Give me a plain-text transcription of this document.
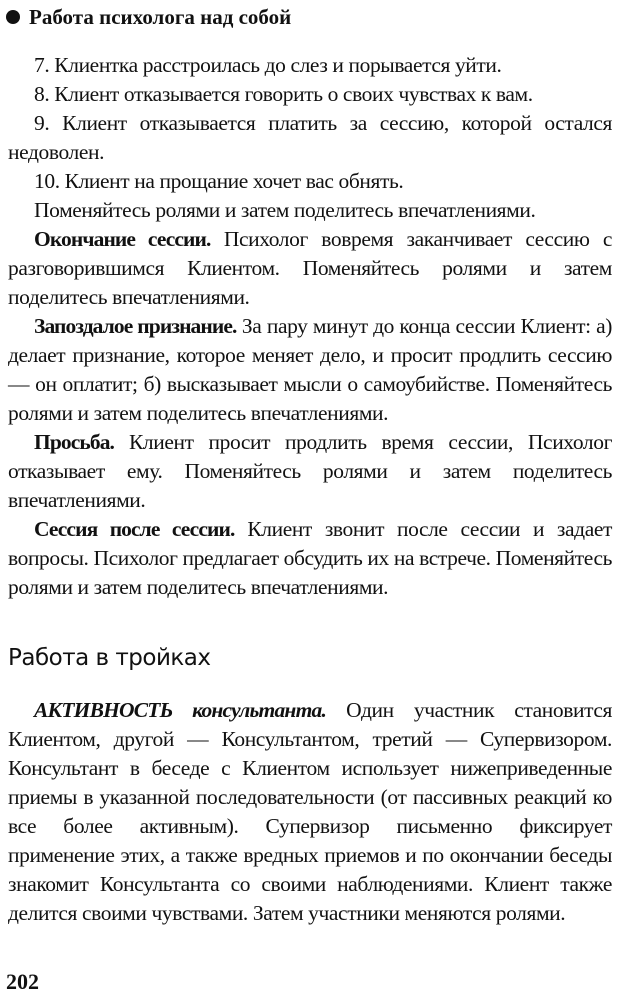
Работа психолога над собой

7. Клиентка расстроилась до слез и порывается уйти.

8. Клиент отказывается говорить о своих чувствах к вам.

9. Клиент отказывается платить за сессию, которой остался недоволен.

10. Клиент на прощание хочет вас обнять.

Поменяйтесь ролями и затем поделитесь впечатлениями.

Окончание сессии. Психолог вовремя заканчивает сессию с разговорившимся Клиентом. Поменяйтесь ролями и затем поделитесь впечатлениями.

Запоздалое признание. За пару минут до конца сессии Клиент: а) делает признание, которое меняет дело, и просит продлить сессию — он оплатит; б) высказывает мысли о самоубийстве. Поменяйтесь ролями и затем поделитесь впечатлениями.

Просьба. Клиент просит продлить время сессии, Психолог отказывает ему. Поменяйтесь ролями и затем поделитесь впечатлениями.

Сессия после сессии. Клиент звонит после сессии и задает вопросы. Психолог предлагает обсудить их на встрече. Поменяйтесь ролями и затем поделитесь впечатлениями.

Работа в тройках

АКТИВНОСТЬ консультанта. Один участник становится Клиентом, другой — Консультантом, третий — Супервизором. Консультант в беседе с Клиентом использует нижеприведенные приемы в указанной последовательности (от пассивных реакций ко все более активным). Супервизор письменно фиксирует применение этих, а также вредных приемов и по окончании беседы знакомит Консультанта со своими наблюдениями. Клиент также делится своими чувствами. Затем участники меняются ролями.

202
